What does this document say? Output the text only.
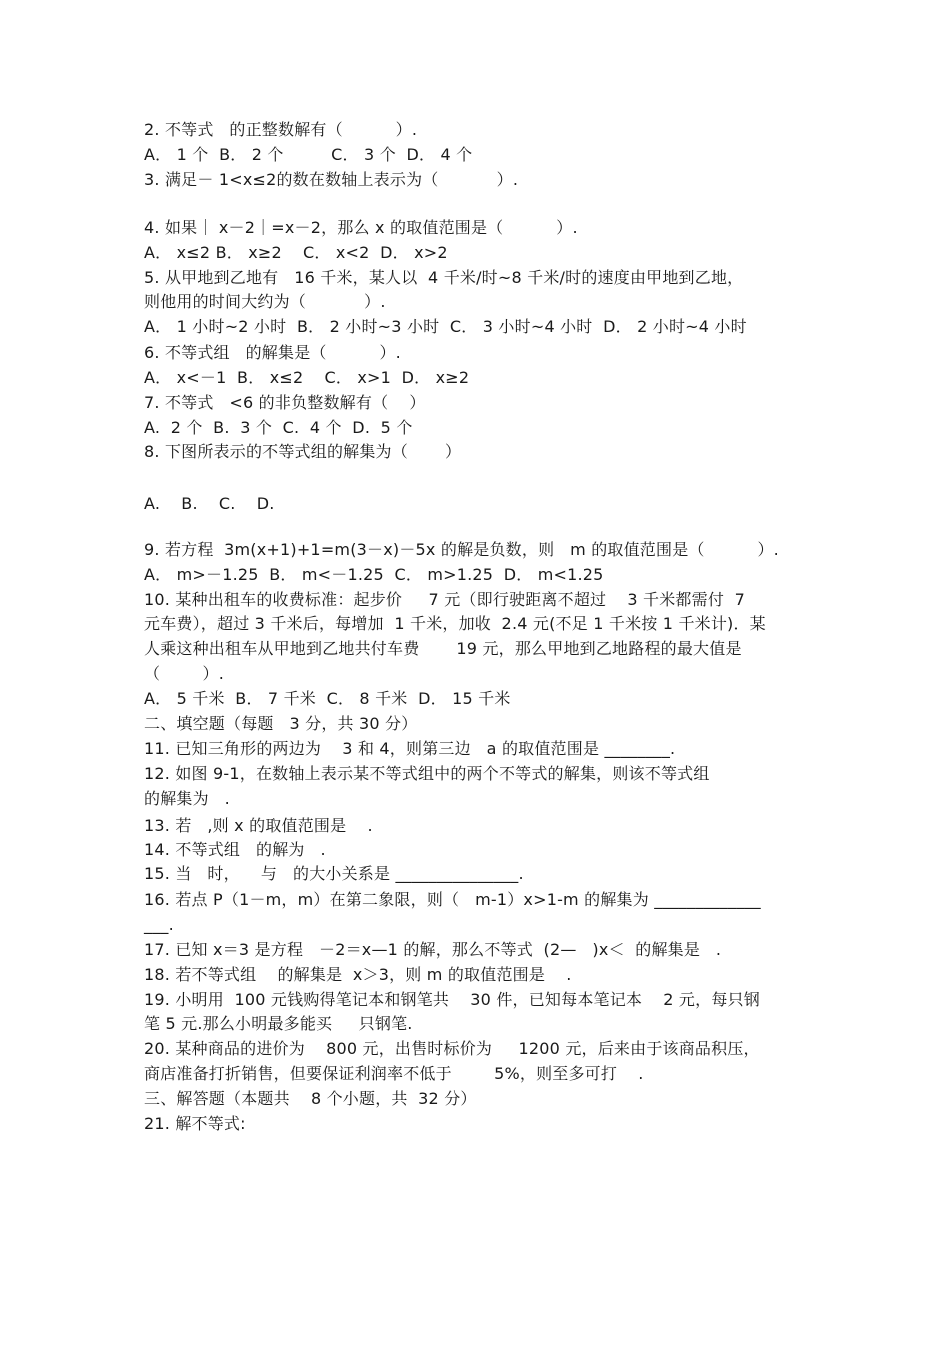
2. 不等式   的正整数解有（          ）.
A． 1 个  B． 2 个         C． 3 个  D． 4 个
3. 满足－ 1<x≤2的数在数轴上表示为（           ）.
4. 如果｜ x－2｜=x－2，那么 x 的取值范围是（          ）.
A． x≤2 B． x≥2    C． x<2  D． x>2
5. 从甲地到乙地有   16 千米，某人以  4 千米/时~8 千米/时的速度由甲地到乙地，
则他用的时间大约为（           ）.
A． 1 小时~2 小时  B． 2 小时~3 小时  C． 3 小时~4 小时  D． 2 小时~4 小时
6. 不等式组   的解集是（          ）.
A． x<－1  B． x≤2    C． x>1  D． x≥2
7. 不等式   <6 的非负整数解有（    ）
A.  2 个  B.  3 个  C.  4 个  D.  5 个
8. 下图所表示的不等式组的解集为（       ）
A.    B.    C.    D.
9. 若方程  3m(x+1)+1=m(3－x)－5x 的解是负数，则   m 的取值范围是（          ）.
A． m>－1.25  B． m<－1.25  C． m>1.25  D． m<1.25
10. 某种出租车的收费标准：起步价     7 元（即行驶距离不超过    3 千米都需付  7
元车费），超过 3 千米后，每增加  1 千米，加收  2.4 元(不足 1 千米按 1 千米计)．某
人乘这种出租车从甲地到乙地共付车费       19 元，那么甲地到乙地路程的最大值是
（        ）.
A． 5 千米  B． 7 千米  C． 8 千米  D． 15 千米
二、填空题（每题   3 分，共 30 分）
11. 已知三角形的两边为    3 和 4，则第三边   a 的取值范围是 ________.
12. 如图 9-1，在数轴上表示某不等式组中的两个不等式的解集，则该不等式组
的解集为   .
13. 若   ,则 x 的取值范围是    .
14. 不等式组   的解为   .
15. 当   时，    与   的大小关系是 _______________.
16. 若点 P（1－m，m）在第二象限，则（   m-1）x>1-m 的解集为 _____________
___.
17. 已知 x＝3 是方程   －2＝x—1 的解，那么不等式  (2—   )x＜  的解集是   .
18. 若不等式组    的解集是  x＞3，则 m 的取值范围是    .
19. 小明用  100 元钱购得笔记本和钢笔共    30 件，已知每本笔记本    2 元，每只钢
笔 5 元.那么小明最多能买     只钢笔.
20. 某种商品的进价为    800 元，出售时标价为     1200 元，后来由于该商品积压，
商店准备打折销售，但要保证利润率不低于        5%，则至多可打    .
三、解答题（本题共    8 个小题，共  32 分）
21. 解不等式:
